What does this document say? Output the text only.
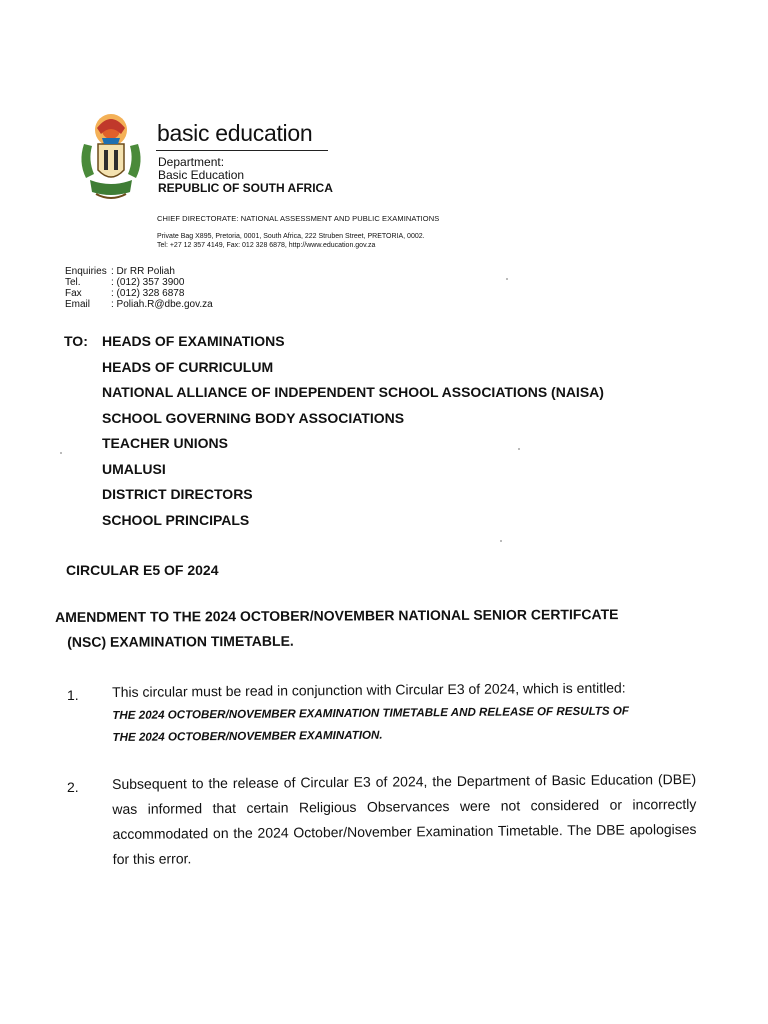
basic education
Department:
Basic Education
REPUBLIC OF SOUTH AFRICA
CHIEF DIRECTORATE: NATIONAL ASSESSMENT AND PUBLIC EXAMINATIONS
Private Bag X895, Pretoria, 0001, South Africa, 222 Struben Street, PRETORIA, 0002.
Tel: +27 12 357 4149, Fax: 012 328 6878, http://www.education.gov.za
Enquiries : Dr RR Poliah
Tel.	: (012) 357 3900
Fax	: (012) 328 6878
Email	: Poliah.R@dbe.gov.za
TO: HEADS OF EXAMINATIONS
HEADS OF CURRICULUM
NATIONAL ALLIANCE OF INDEPENDENT SCHOOL ASSOCIATIONS (NAISA)
SCHOOL GOVERNING BODY ASSOCIATIONS
TEACHER UNIONS
UMALUSI
DISTRICT DIRECTORS
SCHOOL PRINCIPALS
CIRCULAR E5 OF 2024
AMENDMENT TO THE 2024 OCTOBER/NOVEMBER NATIONAL SENIOR CERTIFCATE
(NSC) EXAMINATION TIMETABLE.
1. This circular must be read in conjunction with Circular E3 of 2024, which is entitled:
THE 2024 OCTOBER/NOVEMBER EXAMINATION TIMETABLE AND RELEASE OF RESULTS OF
THE 2024 OCTOBER/NOVEMBER EXAMINATION.
2. Subsequent to the release of Circular E3 of 2024, the Department of Basic Education (DBE) was informed that certain Religious Observances were not considered or incorrectly accommodated on the 2024 October/November Examination Timetable. The DBE apologises for this error.
